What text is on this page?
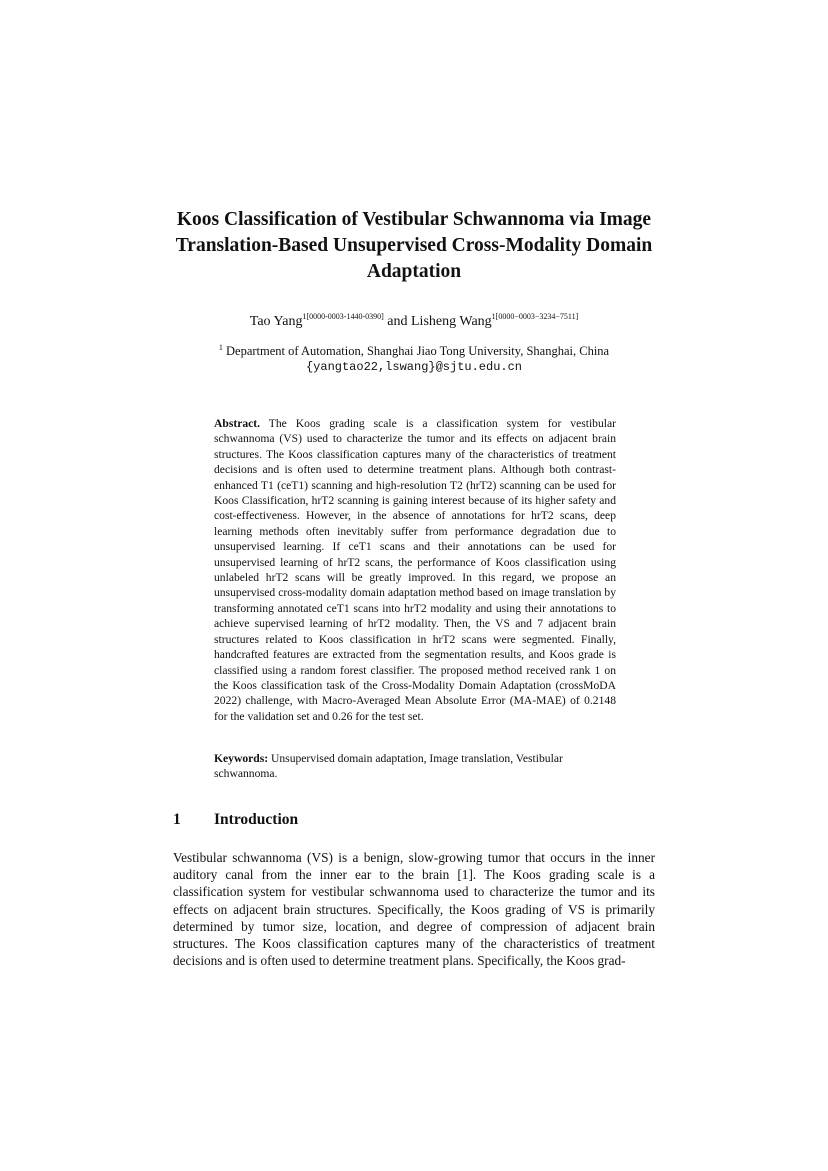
Koos Classification of Vestibular Schwannoma via Image
Translation-Based Unsupervised Cross-Modality Domain
Adaptation
Tao Yang$^{1[0000-0003-1440-0390]}$ and Lisheng Wang$^{1[0000-0003-3234-7511]}$
$^1$ Department of Automation, Shanghai Jiao Tong University, Shanghai, China
{yangtao22,lswang}@sjtu.edu.cn
Abstract. The Koos grading scale is a classification system for vestibular schwannoma (VS) used to characterize the tumor and its effects on adjacent brain structures. The Koos classification captures many of the characteristics of treatment decisions and is often used to determine treatment plans. Although both contrast-enhanced T1 (ceT1) scanning and high-resolution T2 (hrT2) scanning can be used for Koos Classification, hrT2 scanning is gaining interest because of its higher safety and cost-effectiveness. However, in the absence of annotations for hrT2 scans, deep learning methods often inevitably suffer from performance degradation due to unsupervised learning. If ceT1 scans and their annotations can be used for unsupervised learning of hrT2 scans, the performance of Koos classification using unlabeled hrT2 scans will be greatly improved. In this regard, we propose an unsupervised cross-modality domain adaptation method based on image translation by transforming annotated ceT1 scans into hrT2 modality and using their annotations to achieve supervised learning of hrT2 modality. Then, the VS and 7 adjacent brain structures related to Koos classification in hrT2 scans were segmented. Finally, handcrafted features are extracted from the segmentation results, and Koos grade is classified using a random forest classifier. The proposed method received rank 1 on the Koos classification task of the Cross-Modality Domain Adaptation (crossMoDA 2022) challenge, with Macro-Averaged Mean Absolute Error (MA-MAE) of 0.2148 for the validation set and 0.26 for the test set.
Keywords: Unsupervised domain adaptation, Image translation, Vestibular schwannoma.
1 Introduction
Vestibular schwannoma (VS) is a benign, slow-growing tumor that occurs in the inner auditory canal from the inner ear to the brain [1]. The Koos grading scale is a classification system for vestibular schwannoma used to characterize the tumor and its effects on adjacent brain structures. Specifically, the Koos grading of VS is primarily determined by tumor size, location, and degree of compression of adjacent brain structures. The Koos classification captures many of the characteristics of treatment decisions and is often used to determine treatment plans. Specifically, the Koos grad-
